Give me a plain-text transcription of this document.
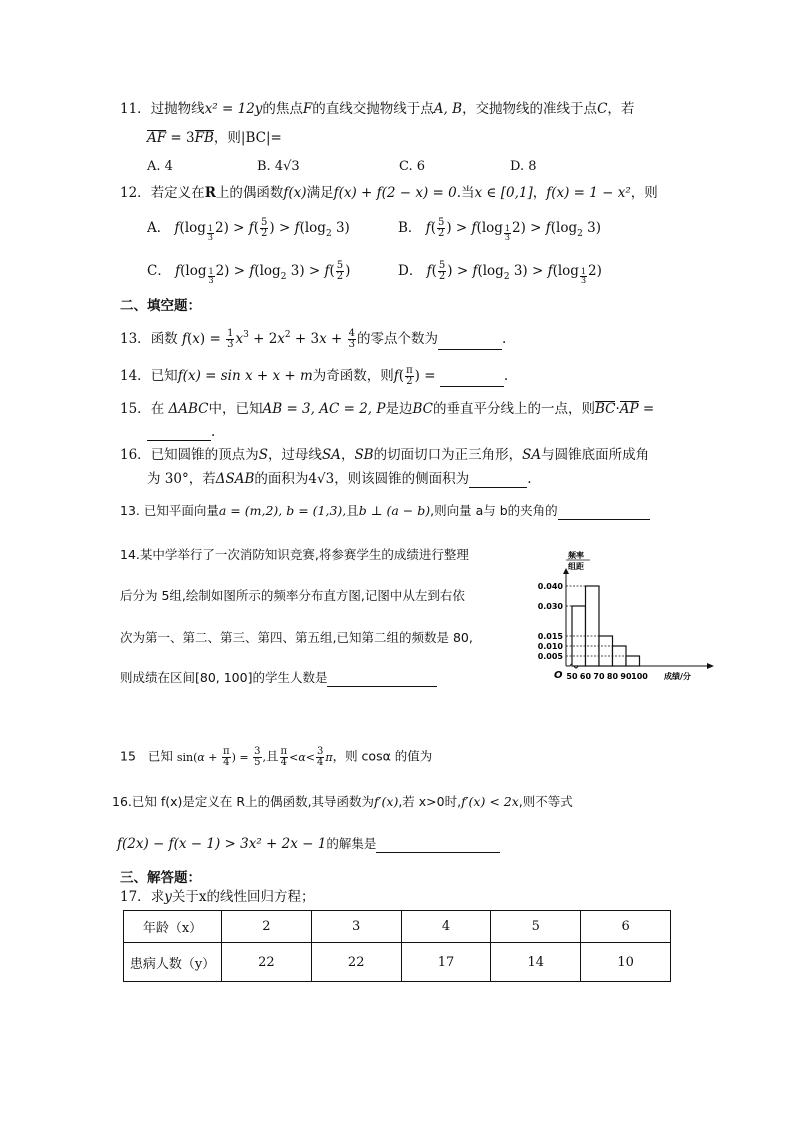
11．过抛物线x² = 12y的焦点F的直线交抛物线于点A, B，交抛物线的准线于点C，若
AF = 3FB，则|BC|=
A. 4	B. 4√3	C. 6	D. 8
12．若定义在R上的偶函数f(x)满足f(x) + f(2 − x) = 0.当x ∈ [0,1]，f(x) = 1 − x²，则
A． f(log $_{\frac{1}{3}}$ $2) > f( \frac{5}{2}$ ) > $f(\log_2$ 3)	B． $f( \frac{5}{2}$ ) > f(log $_{\frac{1}{3}}$ $2) > f(\log_2$ 3)
C． f(log $_{\frac{1}{3}}$ $2) > f(\log_2$ $3) > f( \frac{5}{2}$ )	D． $f( \frac{5}{2}$ ) > $f(\log_2$ 3) > f(log $_{\frac{1}{3}}$ 2)
二、填空题：
13．函数 $f(x) = \frac{1}{3} x^3 + 2x^2 + 3x + \frac{4}{3}$ 的零点个数为	.
14．已知f(x) = sin x + x + m为奇函数，则$f( \frac{\pi}{2}$ ) =	.
15．在 ΔABC中，已知AB = 3, AC = 2, P是边BC的垂直平分线上的一点，则BC·AP =
.
16．已知圆锥的顶点为S，过母线SA，SB的切面切口为正三角形，SA与圆锥底面所成角
为 30°，若ΔSAB的面积为4√3，则该圆锥的侧面积为	.
13. 已知平面向量a = (m,2), b = (1,3),且b ⊥ (a − b),则向量 a与 b的夹角的
14.某中学举行了一次消防知识竞赛,将参赛学生的成绩进行整理
后分为 5组,绘制如图所示的频率分布直方图,记图中从左到右依
次为第一、第二、第三、第四、第五组,已知第二组的频数是 80,
则成绩在区间[80, 100]的学生人数是
频率
组距
O	成绩/分
0.040
0.030
0.015
0.010
0.005
50 60 70 80 90 100
15 已知 $\sin(\alpha + \frac{\pi}{4}$ ) = $\frac{3}{5}$ ,且 $\frac{\pi}{4} <\alpha< \frac{3}{4}$ π，则 cosα 的值为
16.已知 f(x)是定义在 R上的偶函数,其导函数为f′(x),若 x>0时,f′(x) < 2x,则不等式
f(2x) − f(x − 1) > 3x² + 2x − 1的解集是
三、解答题：
17．求y关于x的线性回归方程；
年龄（x）	2	3	4	5	6
患病人数（y）	22	22	17	14	10
